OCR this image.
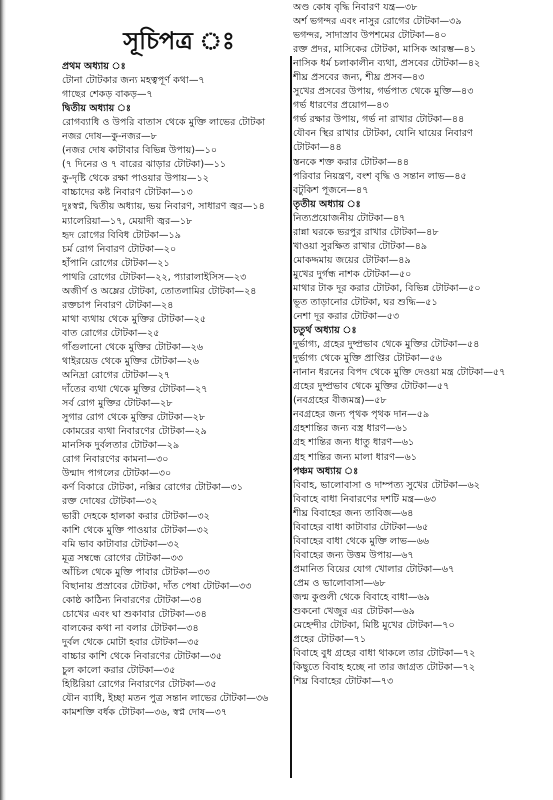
সূচিপত্র ঃ
প্রথম অধ্যায় ঃ
টোনা টোটকার জন্য মহত্বপূর্ণ কথা—৭
গাছের শেকড় বাকড়—৭
দ্বিতীয় অধ্যায় ঃ
রোগব্যাধি ও উপরি বাতাস থেকে মুক্তি লাভের টোটকা
নজর দোষ—কু-নজর—৮
(নজর দোষ কাটাবার বিভিন্ন উপায়)—১০
(৭ দিনের ও ৭ বারের ঝাড়ার টোটকা)—১১
কু-দৃষ্টি থেকে রক্ষা পাওয়ার উপায়—১২
বাচ্চাদের কষ্ট নিবারণ টোটকা—১৩
দুঃস্বপ্ন, দ্বিতীয় অধ্যায়, ভয় নিবারণ, সাধারণ জ্বর—১৪
ম্যালেরিয়া—১৭, মেয়াদী জ্বর—১৮
হৃদ রোগের বিবিধ টোটকা—১৯
চর্ম রোগ নিবারণ টোটকা—২০
হাঁপানি রোগের টোটকা—২১
পাথরি রোগের টোটকা—২২, প্যারালাইসিস—২৩
অজীর্ণ ও অম্লের টোটকা, তোতলামির টোটকা—২৪
রক্তচাপ নিবারণ টোটকা—২৪
মাথা ব্যথায় থেকে মুক্তির টোটকা—২৫
বাত রোগের টোটকা—২৫
গাঁগুলানো থেকে মুক্তির টোটকা—২৬
থাইরয়েড থেকে মুক্তির টোটকা—২৬
অনিদ্রা রোগের টোটকা—২৭
দাঁতের ব্যথা থেকে মুক্তির টোটকা—২৭
সর্ব রোগ মুক্তির টোটকা—২৮
সুগার রোগ থেকে মুক্তির টোটকা—২৮
কোমরের ব্যথা নিবারণের টোটকা—২৯
মানসিক দুর্বলতার টোটকা—২৯
রোগ নিবারণের কামনা—৩০
উন্মাদ পাগলের টোটকা—৩০
কর্ণ বিকারে টোটকা, নক্সির রোগের টোটকা—৩১
রক্ত দোষের টোটকা—৩২
ভারী দেহকে হালকা করার টোটকা—৩২
কাশি থেকে মুক্তি পাওয়ার টোটকা—৩২
বমি ভাব কাটাবার টোটকা—৩২
মূত্র সম্বন্ধে রোগের টোটকা—৩৩
আঁচিল থেকে মুক্তি পাবার টোটকা—৩৩
বিছানায় প্রস্রাবের টোটকা, দাঁত পেষা টোটকা—৩৩
কোষ্ঠ কাঠিন্য নিবারণের টোটকা—৩৪
চোখের এবং ঘা শুকাবার টোটকা—৩৪
বালকের কথা না বলার টোটকা—৩৪
দুর্বল থেকে মোটা হবার টোটকা—৩৫
বাচ্চার কাশি থেকে নিবারণের টোটকা—৩৫
চুল কালো করার টোটকা—৩৫
হিষ্টিরিয়া রোগের নিবারণের টোটকা—৩৫
যৌন ব্যাধি, ইচ্ছা মতন পুত্র সন্তান লাভের টোটকা—৩৬
কামশক্তি বর্ধক টোটকা—৩৬, স্বপ্ন দোষ—৩৭
অণ্ড কোষ বৃদ্ধি নিবারণ যন্ত্র—৩৮
অর্শ ভগন্দর এবং নাসুর রোগের টোটকা—৩৯
ভগন্দর, সাদাস্রাব উপশমের টোটকা—৪০
রক্ত প্রদর, মাসিকের টোটকা, মাসিক আরম্ভ—৪১
নাসিক ধর্ম চলাকালীন ব্যথা, প্রসবের টোটকা—৪২
শীঘ্র প্রসবের জন্য, শীঘ্র প্রসব—৪৩
সুখের প্রসবের উপায়, গর্ভপাত থেকে মুক্তি—৪৩
গর্ভ ধারণের প্রয়োগ—৪৩
গর্ভ রক্ষার উপায়, গর্ভ না রাখার টোটকা—৪৪
যৌবন স্থির রাখার টোটকা, যোনি ঘায়ের নিবারণ
টোটকা—৪৪
স্তনকে শক্ত করার টোটকা—৪৪
পরিবার নিয়ন্ত্রণ, বংশ বৃদ্ধি ও সন্তান লাভ—৪৫
বটুকিশ পূজনে—৪৭
তৃতীয় অধ্যায় ঃ
নিত্যপ্রয়োজনীয় টোটকা—৪৭
রান্না ঘরকে ভরপুর রাখার টোটকা—৪৮
খাওয়া সুরক্ষিত রাখার টোটকা—৪৯
মোকদ্দমায় জয়ের টোটকা—৪৯
মুখের দুর্গন্ধ নাশক টোটকা—৫০
মাথার টাক দূর করার টোটকা, বিভিন্ন টোটকা—৫০
ভূত তাড়ানোর টোটকা, ঘর শুদ্ধি—৫১
নেশা দূর করার টোটকা—৫৩
চতুর্থ অধ্যায় ঃ
দুর্ভাগ্য, গ্রহের দুষ্প্রভাব থেকে মুক্তির টোটকা—৫৪
দুর্ভাগ্য থেকে মুক্তি প্রাপ্তির টোটকা—৫৬
নানান ধরনের বিপদ থেকে মুক্তি দেওয়া মন্ত্র টোটকা—৫৭
গ্রহের দুষ্প্রভাব থেকে মুক্তির টোটকা—৫৭
(নবগ্রহের বীজমন্ত্র)—৫৮
নবগ্রহের জন্য পৃথক পৃথক দান—৫৯
গ্রহশান্তির জন্য বস্ত্র ধারণ—৬১
গ্রহ শান্তির জন্য ধাতু ধারণ—৬১
গ্রহ শান্তির জন্য মালা ধারণ—৬১
পঞ্চম অধ্যায় ঃ
বিবাহ, ভালোবাসা ও দাম্পত্য সুখের টোটকা—৬২
বিবাহে বাধা নিবারণের দশটি মন্ত্র—৬৩
শীঘ্র বিবাহের জন্য তাবিজ—৬৪
বিবাহের বাধা কাটাবার টোটকা—৬৫
বিবাহের বাধা থেকে মুক্তি লাভ—৬৬
বিবাহের জন্য উত্তম উপায়—৬৭
প্রমানিত বিয়ের যোগ খোলার টোটকা—৬৭
প্রেম ও ভালোবাসা—৬৮
জন্ম কুণ্ডলী থেকে বিবাহে বাধা—৬৯
শুকনো খেজুর এর টোটকা—৬৯
মেহেন্দীর টোটকা, মিষ্টি মুখের টোটকা—৭০
প্রহের টোটকা—৭১
বিবাহে বুধ গ্রহের বাধা থাকলে তার টোটকা—৭২
কিছুতে বিবাহ হচ্ছে না তার জাগ্রত টোটকা—৭২
শিঘ্র বিবাহের টোটকা—৭৩
